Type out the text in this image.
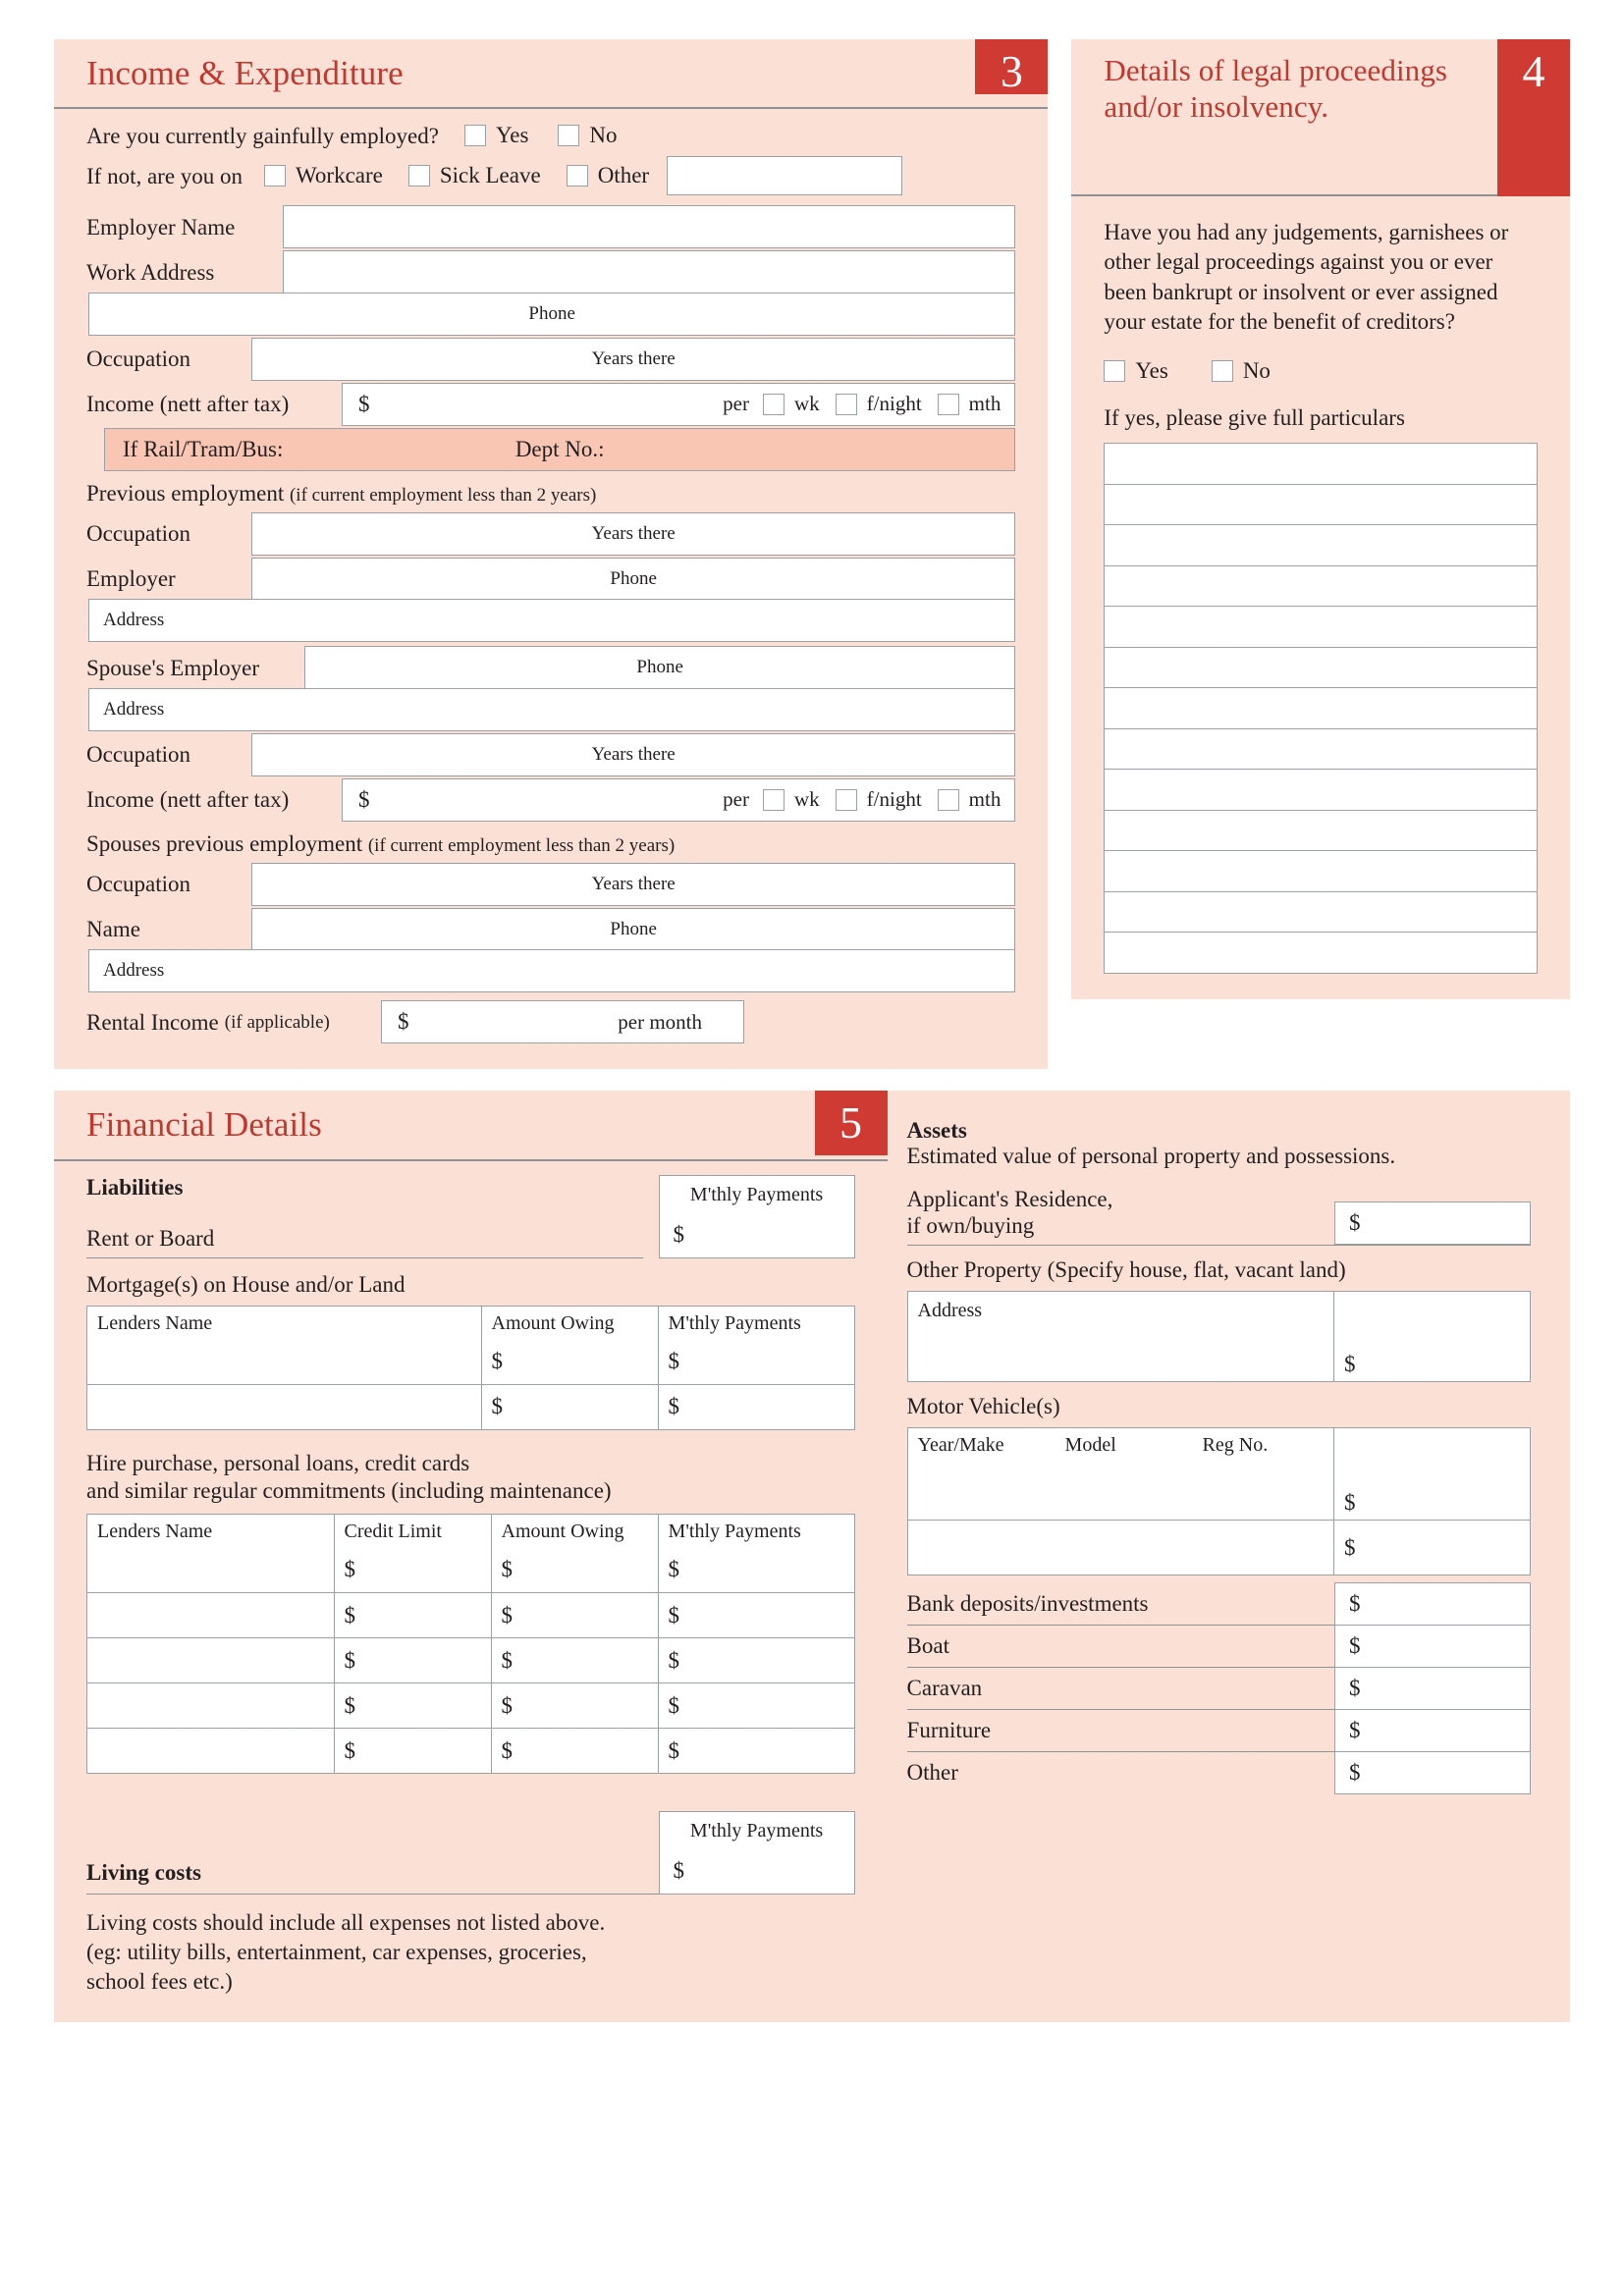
Income & Expenditure	3
Are you currently gainfully employed?	Yes	No
If not, are you on Workcare	Sick Leave	Other
Employer Name
Work Address
Phone
Occupation	Years there
Income (nett after tax)	$	per wk f/night mth
If Rail/Tram/Bus:	Dept No.:
Previous employment (if current employment less than 2 years)
Occupation	Years there
Employer	Phone
Address
Spouse's Employer	Phone
Address
Occupation	Years there
Income (nett after tax)	$	per wk f/night mth
Spouses previous employment (if current employment less than 2 years)
Occupation	Years there
Name	Phone
Address
Rental Income (if applicable)	$	per month
Details of legal proceedings and/or insolvency.
4
Have you had any judgements, garnishees or other legal proceedings against you or ever been bankrupt or insolvent or ever assigned your estate for the benefit of creditors?
Yes	No
If yes, please give full particulars
Financial Details	5
Liabilities
Rent or Board
M'thly Payments
$
Mortgage(s) on House and/or Land
Lenders Name	Amount Owing	M'thly Payments
	$	$
	$	$
Hire purchase, personal loans, credit cards
and similar regular commitments (including maintenance)
Lenders Name	Credit Limit	Amount Owing	M'thly Payments
	$	$	$
	$	$	$
	$	$	$
	$	$	$
	$	$	$
Living costs
M'thly Payments
$
Living costs should include all expenses not listed above.
(eg: utility bills, entertainment, car expenses, groceries,
school fees etc.)
Assets
Estimated value of personal property and possessions.
Applicant's Residence,
if own/buying	$
Other Property (Specify house, flat, vacant land)
Address	$
Motor Vehicle(s)
Year/Make Model Reg No.	
	$
	$
Bank deposits/investments	$
Boat	$
Caravan	$
Furniture	$
Other	$
